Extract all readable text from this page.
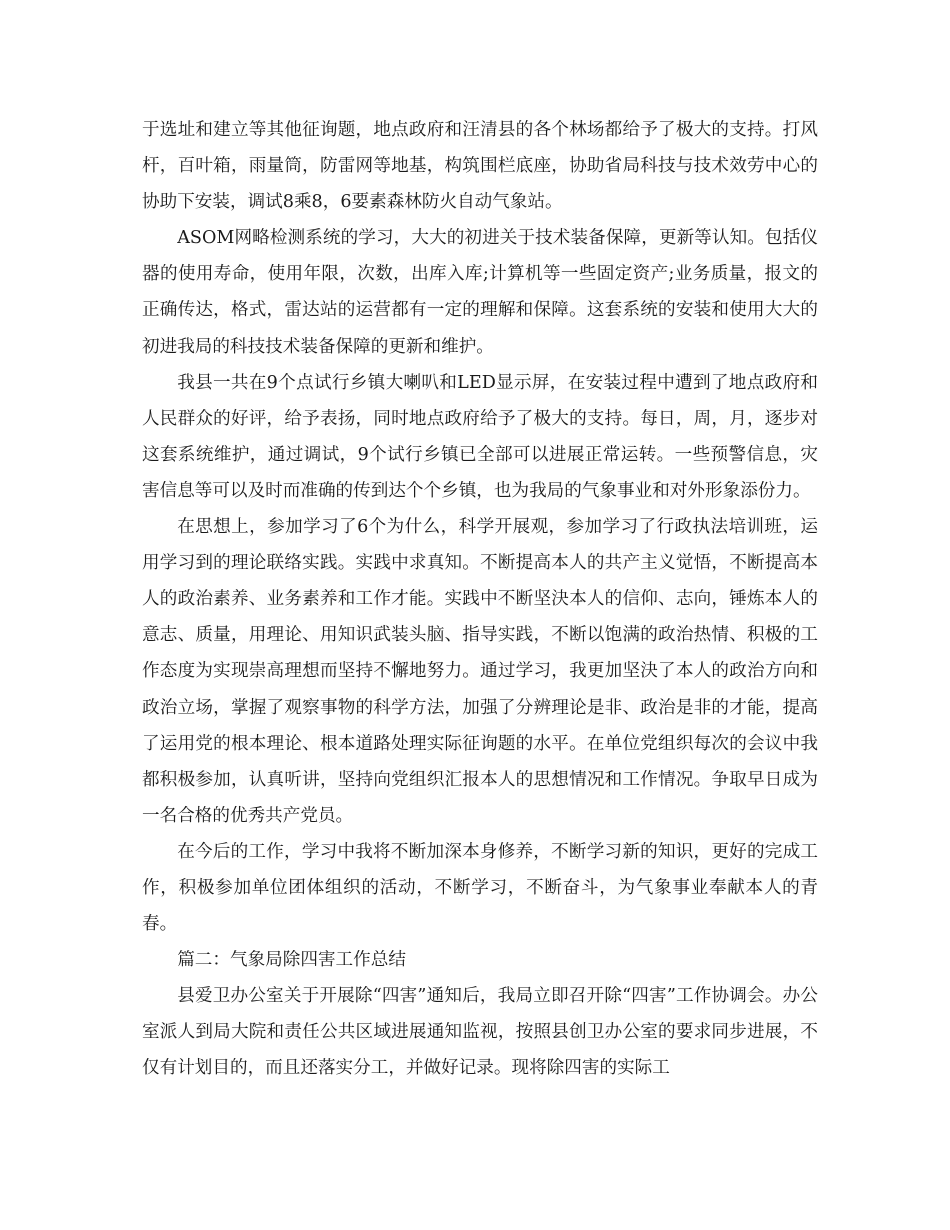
于选址和建立等其他征询题，地点政府和汪清县的各个林场都给予了极大的支持。打风杆，百叶箱，雨量筒，防雷网等地基，构筑围栏底座，协助省局科技与技术效劳中心的协助下安装，调试8乘8，6要素森林防火自动气象站。

ASOM网略检测系统的学习，大大的初进关于技术装备保障，更新等认知。包括仪器的使用寿命，使用年限，次数，出库入库;计算机等一些固定资产;业务质量，报文的正确传达，格式，雷达站的运营都有一定的理解和保障。这套系统的安装和使用大大的初进我局的科技技术装备保障的更新和维护。

我县一共在9个点试行乡镇大喇叭和LED显示屏，在安装过程中遭到了地点政府和人民群众的好评，给予表扬，同时地点政府给予了极大的支持。每日，周，月，逐步对这套系统维护，通过调试，9个试行乡镇已全部可以进展正常运转。一些预警信息，灾害信息等可以及时而准确的传到达个个乡镇，也为我局的气象事业和对外形象添份力。

在思想上，参加学习了6个为什么，科学开展观，参加学习了行政执法培训班，运用学习到的理论联络实践。实践中求真知。不断提高本人的共产主义觉悟，不断提高本人的政治素养、业务素养和工作才能。实践中不断坚決本人的信仰、志向，锤炼本人的意志、质量，用理论、用知识武装头脑、指导实践，不断以饱满的政治热情、积极的工作态度为实现崇高理想而坚持不懈地努力。通过学习，我更加坚決了本人的政治方向和政治立场，掌握了观察事物的科学方法，加强了分辨理论是非、政治是非的才能，提高了运用党的根本理论、根本道路处理实际征询题的水平。在单位党组织每次的会议中我都积极参加，认真听讲，坚持向党组织汇报本人的思想情况和工作情况。争取早日成为一名合格的优秀共产党员。

在今后的工作，学习中我将不断加深本身修养，不断学习新的知识，更好的完成工作，积极参加单位团体组织的活动，不断学习，不断奋斗，为气象事业奉献本人的青春。

篇二：气象局除四害工作总结

县爱卫办公室关于开展除“四害”通知后，我局立即召开除“四害”工作协调会。办公室派人到局大院和责任公共区域进展通知监视，按照县创卫办公室的要求同步进展，不仅有计划目的，而且还落实分工，并做好记录。现将除四害的实际工
